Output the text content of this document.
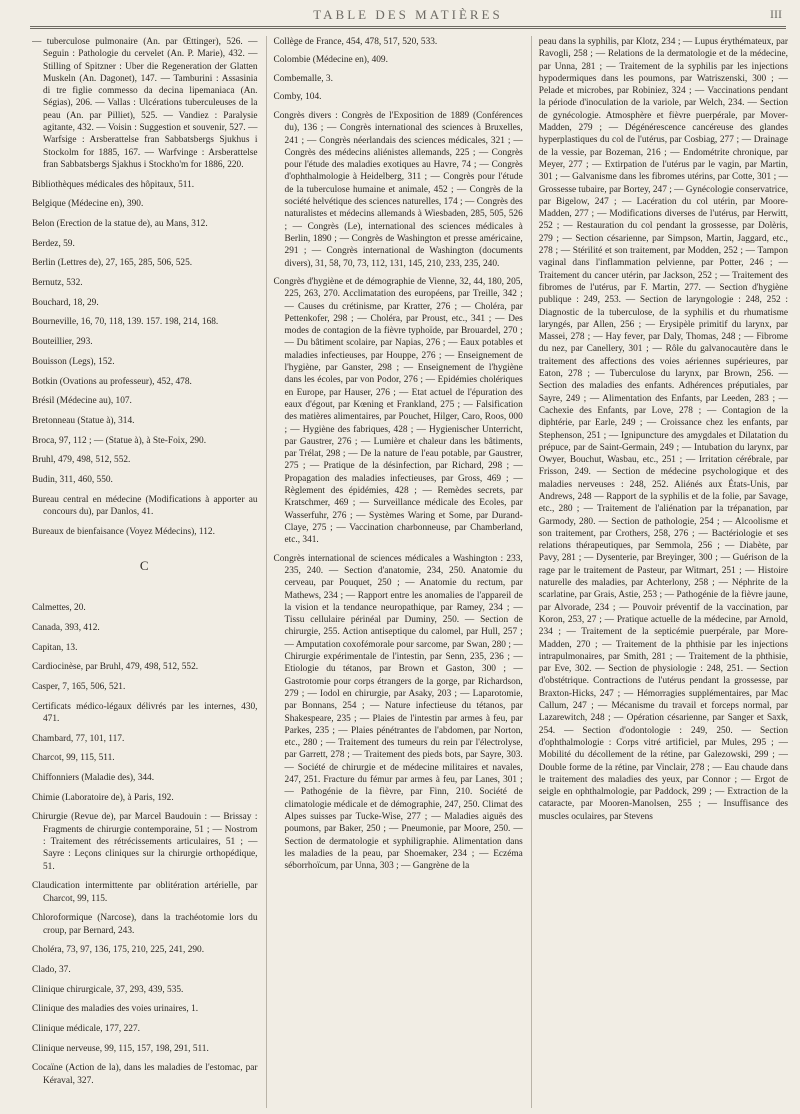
TABLE DES MATIÈRES	III

— tuberculose pulmonaire (An. par Œttinger), 526. — Seguin : Pathologie du cervelet (An. P. Marie), 432. — Stilling of Spitzner : Uber die Regeneration der Glatten Muskeln (An. Dagonet), 147. — Tamburini : Assasinia di tre figlie commesso da decina lipemaniaca (An. Ségias), 206. — Vallas : Ulcérations tuberculeuses de la peau (An. par Pilliet), 525. — Vandiez : Paralysie agitante, 432. — Voisin : Suggestion et souvenir, 527. — Warfsige : Arsberattelse fran Sabbatsbergs Sjukhus i Stockolm for 1885, 167. — Warfvinge : Arsberattelse fran Sabbatsbergs Sjakhus i Stockho'm for 1886, 220.

Bibliothèques médicales des hôpitaux, 511.

Belgique (Médecine en), 390.

Belon (Erection de la statue de), au Mans, 312.

Berdez, 59.

Berlin (Lettres de), 27, 165, 285, 506, 525.

Bernutz, 532.

Bouchard, 18, 29.

Bourneville, 16, 70, 118, 139. 157. 198, 214, 168.

Bouteillier, 293.

Bouisson (Legs), 152.

Botkin (Ovations au professeur), 452, 478.

Brésil (Médecine au), 107.

Bretonneau (Statue à), 314.

Broca, 97, 112 ; — (Statue à), à Ste-Foix, 290.

Bruhl, 479, 498, 512, 552.

Budin, 311, 460, 550.

Bureau central en médecine (Modifications à apporter au concours du), par Danlos, 41.

Bureaux de bienfaisance (Voyez Médecins), 112.

C

Calmettes, 20.

Canada, 393, 412.

Capitan, 13.

Cardiocinèse, par Bruhl, 479, 498, 512, 552.

Casper, 7, 165, 506, 521.

Certificats médico-légaux délivrés par les internes, 430, 471.

Chambard, 77, 101, 117.

Charcot, 99, 115, 511.

Chiffonniers (Maladie des), 344.

Chimie (Laboratoire de), à Paris, 192.

Chirurgie (Revue de), par Marcel Baudouin : — Brissay : Fragments de chirurgie contemporaine, 51 ; — Nostrom : Traitement des rétrécissements articulaires, 51 ; — Sayre : Leçons cliniques sur la chirurgie orthopédique, 51.

Claudication intermittente par oblitération artérielle, par Charcot, 99, 115.

Chloroformique (Narcose), dans la trachéotomie lors du croup, par Bernard, 243.

Choléra, 73, 97, 136, 175, 210, 225, 241, 290.

Clado, 37.

Clinique chirurgicale, 37, 293, 439, 535.

Clinique des maladies des voies urinaires, 1.

Clinique médicale, 177, 227.

Clinique nerveuse, 99, 115, 157, 198, 291, 511.

Cocaïne (Action de la), dans les maladies de l'estomac, par Kéraval, 327.

Collège de France, 454, 478, 517, 520, 533.

Colombie (Médecine en), 409.

Combemalle, 3.

Comby, 104.

Congrès divers : Congrès de l'Exposition de 1889 (Conférences du), 136 ; — Congrès international des sciences à Bruxelles, 241 ; — Congrès néerlandais des sciences médicales, 321 ; — Congrès des médecins aliénistes allemands, 225 ; — Congrès pour l'étude des maladies exotiques au Havre, 74 ; — Congrès d'ophthalmologie à Heidelberg, 311 ; — Congrès pour l'étude de la tuberculose humaine et animale, 452 ; — Congrès de la société helvétique des sciences naturelles, 174 ; — Congrès des naturalistes et médecins allemands à Wiesbaden, 285, 505, 526 ; — Congrès (Le), international des sciences médicales à Berlin, 1890 ; — Congrès de Washington et presse américaine, 291 ; — Congrès international de Washington (documents divers), 31, 58, 70, 73, 112, 131, 145, 210, 233, 235, 240.

Congrès d'hygiène et de démographie de Vienne, 32, 44, 180, 205, 225, 263, 270. Acclimatation des européens, par Treille, 342 ; — Causes du crétinisme, par Kratter, 276 ; — Choléra, par Pettenkofer, 298 ; — Choléra, par Proust, etc., 341 ; — Des modes de contagion de la fièvre typhoïde, par Brouardel, 270 ; — Du bâtiment scolaire, par Napias, 276 ; — Eaux potables et maladies infectieuses, par Houppe, 276 ; — Enseignement de l'hygiène, par Ganster, 298 ; — Enseignement de l'hygiène dans les écoles, par von Podor, 276 ; — Epidémies cholériques en Europe, par Hauser, 276 ; — Etat actuel de l'épuration des eaux d'égout, par Kœning et Frankland, 275 ; — Falsification des matières alimentaires, par Pouchet, Hilger, Caro, Roos, 000 ; — Hygiène des fabriques, 428 ; — Hygienischer Unterricht, par Gaustrer, 276 ; — Lumière et chaleur dans les bâtiments, par Trélat, 298 ; — De la nature de l'eau potable, par Gaustrer, 275 ; — Pratique de la désinfection, par Richard, 298 ; — Propagation des maladies infectieuses, par Gross, 469 ; — Règlement des épidémies, 428 ; — Remèdes secrets, par Kratschmer, 469 ; — Surveillance médicale des Ecoles, par Wasserfuhr, 276 ; — Systèmes Waring et Some, par Durand-Claye, 275 ; — Vaccination charbonneuse, par Chamberland, etc., 341.

Congrès international de sciences médicales a Washington : 233, 235, 240. — Section d'anatomie, 234, 250. Anatomie du cerveau, par Pouquet, 250 ; — Anatomie du rectum, par Mathews, 234 ; — Rapport entre les anomalies de l'appareil de la vision et la tendance neuropathique, par Ramey, 234 ; — Tissu cellulaire périnéal par Duminy, 250. — Section de chirurgie, 255. Action antiseptique du calomel, par Hull, 257 ; — Amputation coxofémorale pour sarcome, par Swan, 280 ; — Chirurgie expérimentale de l'intestin, par Senn, 235, 236 ; — Etiologie du tétanos, par Brown et Gaston, 300 ; — Gastrotomie pour corps étrangers de la gorge, par Richardson, 279 ; — Iodol en chirurgie, par Asaky, 203 ; — Laparotomie, par Bonnans, 254 ; — Nature infectieuse du tétanos, par Shakespeare, 235 ; — Plaies de l'intestin par armes à feu, par Parkes, 235 ; — Plaies pénétrantes de l'abdomen, par Norton, etc., 280 ; — Traitement des tumeurs du rein par l'électrolyse, par Garrett, 278 ; — Traitement des pieds bots, par Sayre, 303. — Société de chirurgie et de médecine militaires et navales, 247, 251. Fracture du fémur par armes à feu, par Lanes, 301 ; — Pathogénie de la fièvre, par Finn, 210. Société de climatologie médicale et de démographie, 247, 250. Climat des Alpes suisses par Tucke-Wise, 277 ; — Maladies aiguës des poumons, par Baker, 250 ; — Pneumonie, par Moore, 250. — Section de dermatologie et syphiligraphie. Alimentation dans les maladies de la peau, par Shoemaker, 234 ; — Eczéma séborrhoïcum, par Unna, 303 ; — Gangrène de la

peau dans la syphilis, par Klotz, 234 ; — Lupus érythémateux, par Ravogli, 258 ; — Relations de la dermatologie et de la médecine, par Unna, 281 ; — Traitement de la syphilis par les injections hypodermiques dans les poumons, par Watriszenski, 300 ; — Pelade et microbes, par Robiniez, 324 ; — Vaccinations pendant la période d'inoculation de la variole, par Welch, 234. — Section de gynécologie. Atmosphère et fièvre puerpérale, par Mover-Madden, 279 ; — Dégénérescence cancéreuse des glandes hyperplastiques du col de l'utérus, par Cosbiag, 277 ; — Drainage de la vessie, par Bozeman, 216 ; — Endométrite chronique, par Meyer, 277 ; — Extirpation de l'utérus par le vagin, par Martin, 301 ; — Galvanisme dans les fibromes utérins, par Cotte, 301 ; — Grossesse tubaire, par Bortey, 247 ; — Gynécologie conservatrice, par Bigelow, 247 ; — Lacération du col utérin, par Moore-Madden, 277 ; — Modifications diverses de l'utérus, par Herwitt, 252 ; — Restauration du col pendant la grossesse, par Dolèris, 279 ; — Section césarienne, par Simpson, Martin, Jaggard, etc., 278 ; — Stérilité et son traitement, par Modden, 252 ; — Tampon vaginal dans l'inflammation pelvienne, par Potter, 246 ; — Traitement du cancer utérin, par Jackson, 252 ; — Traitement des fibromes de l'utérus, par F. Martin, 277. — Section d'hygiène publique : 249, 253. — Section de laryngologie : 248, 252 : Diagnostic de la tuberculose, de la syphilis et du rhumatisme laryngés, par Allen, 256 ; — Erysipèle primitif du larynx, par Massei, 278 ; — Hay fever, par Daly, Thomas, 248 ; — Fibrome du nez, par Canellery, 301 ; — Rôle du galvanocautère dans le traitement des affections des voies aériennes supérieures, par Eaton, 278 ; — Tuberculose du larynx, par Brown, 256. — Section des maladies des enfants. Adhérences préputiales, par Sayre, 249 ; — Alimentation des Enfants, par Leeden, 283 ; — Cachexie des Enfants, par Love, 278 ; — Contagion de la diphtérie, par Earle, 249 ; — Croissance chez les enfants, par Stephenson, 251 ; — Ignipuncture des amygdales et Dilatation du prépuce, par de Saint-Germain, 249 ; — Intubation du larynx, par Owyer, Bouchut, Wasbau, etc., 251 ; — Irritation cérébrale, par Frisson, 249. — Section de médecine psychologique et des maladies nerveuses : 248, 252. Aliénés aux États-Unis, par Andrews, 248 — Rapport de la syphilis et de la folie, par Savage, etc., 280 ; — Traitement de l'aliénation par la trépanation, par Garmody, 280. — Section de pathologie, 254 ; — Alcoolisme et son traitement, par Crothers, 258, 276 ; — Bactériologie et ses relations thérapeutiques, par Semmola, 256 ; — Diabète, par Pavy, 281 ; — Dysenterie, par Breyinger, 300 ; — Guérison de la rage par le traitement de Pasteur, par Witmart, 251 ; — Histoire naturelle des maladies, par Achterlony, 258 ; — Néphrite de la scarlatine, par Grais, Astie, 253 ; — Pathogénie de la fièvre jaune, par Alvorade, 234 ; — Pouvoir préventif de la vaccination, par Koron, 253, 27 ; — Pratique actuelle de la médecine, par Arnold, 234 ; — Traitement de la septicémie puerpérale, par More-Madden, 270 ; — Traitement de la phthisie par les injections intrapulmonaires, par Smith, 281 ; — Traitement de la phthisie, par Eve, 302. — Section de physiologie : 248, 251. — Section d'obstétrique. Contractions de l'utérus pendant la grossesse, par Braxton-Hicks, 247 ; — Hémorragies supplémentaires, par Mac Callum, 247 ; — Mécanisme du travail et forceps normal, par Lazarewitch, 248 ; — Opération césarienne, par Sanger et Saxk, 254. — Section d'odontologie : 249, 250. — Section d'ophthalmologie : Corps vitré artificiel, par Mules, 295 ; — Mobilité du décollement de la rétine, par Galezowski, 299 ; — Double forme de la rétine, par Vinclair, 278 ; — Eau chaude dans le traitement des maladies des yeux, par Connor ; — Ergot de seigle en ophthalmologie, par Paddock, 299 ; — Extraction de la cataracte, par Mooren-Manolsen, 255 ; — Insuffisance des muscles oculaires, par Stevens
